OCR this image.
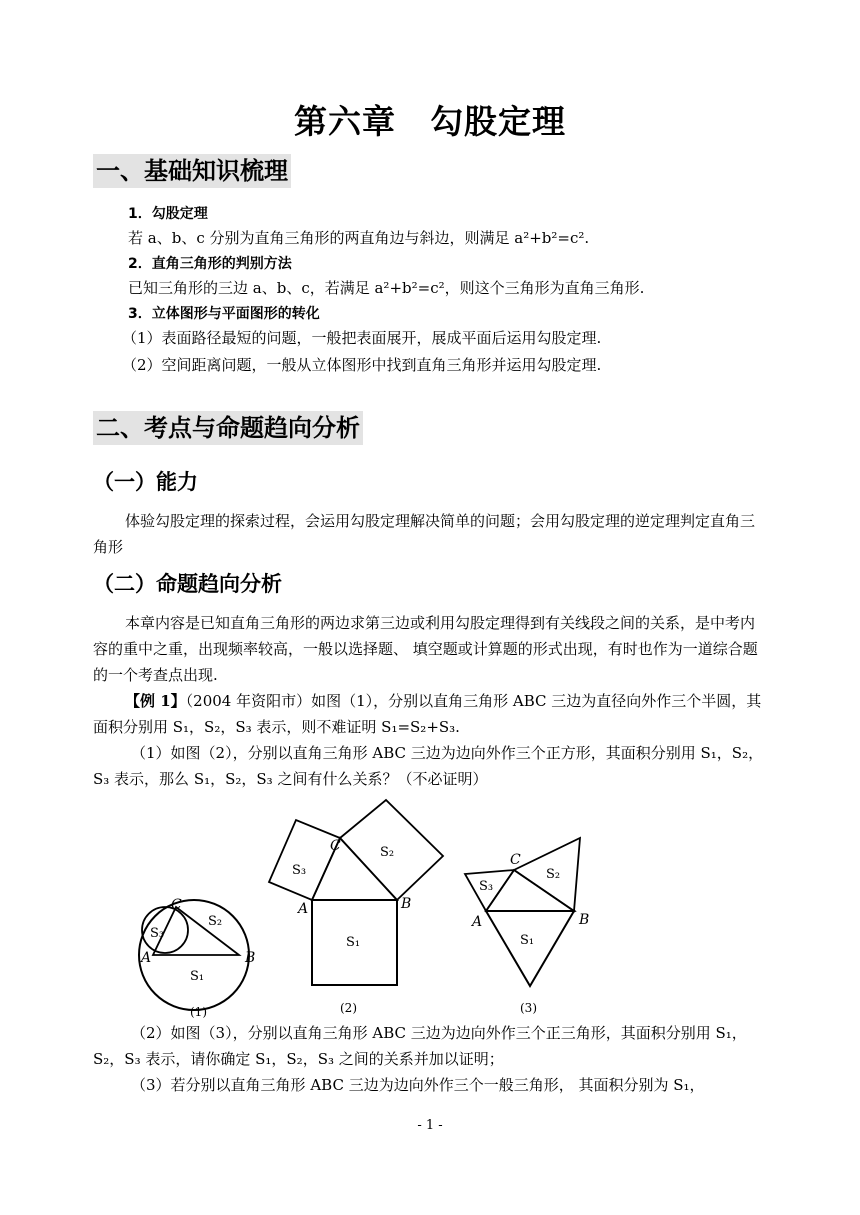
第六章　勾股定理
一、基础知识梳理
1．勾股定理
若 a、b、c 分别为直角三角形的两直角边与斜边，则满足 a²+b²=c².
2．直角三角形的判别方法
已知三角形的三边 a、b、c，若满足 a²+b²=c²，则这个三角形为直角三角形.
3．立体图形与平面图形的转化
（1）表面路径最短的问题，一般把表面展开，展成平面后运用勾股定理.
（2）空间距离问题，一般从立体图形中找到直角三角形并运用勾股定理.
二、考点与命题趋向分析
（一）能力
体验勾股定理的探索过程，会运用勾股定理解决简单的问题；会用勾股定理的逆定理判定直角三角形
（二）命题趋向分析
本章内容是已知直角三角形的两边求第三边或利用勾股定理得到有关线段之间的关系，是中考内容的重中之重，出现频率较高，一般以选择题、 填空题或计算题的形式出现，有时也作为一道综合题的一个考查点出现.
【例 1】（2004 年资阳市）如图（1），分别以直角三角形 ABC 三边为直径向外作三个半圆，其面积分别用 S₁，S₂，S₃ 表示，则不难证明 S₁=S₂+S₃.
（1）如图（2），分别以直角三角形 ABC 三边为边向外作三个正方形，其面积分别用 S₁，S₂，S₃ 表示，那么 S₁，S₂，S₃ 之间有什么关系？（不必证明）
C
A	B
S₃
S₂
S₁
(1)
C
A	B
S₃
S₂
S₁
(2)
C
A	B
S₃
S₂
S₁
(3)
（2）如图（3），分别以直角三角形 ABC 三边为边向外作三个正三角形，其面积分别用 S₁，S₂，S₃ 表示，请你确定 S₁，S₂，S₃ 之间的关系并加以证明；
（3）若分别以直角三角形 ABC 三边为边向外作三个一般三角形， 其面积分别为 S₁，
- 1 -
